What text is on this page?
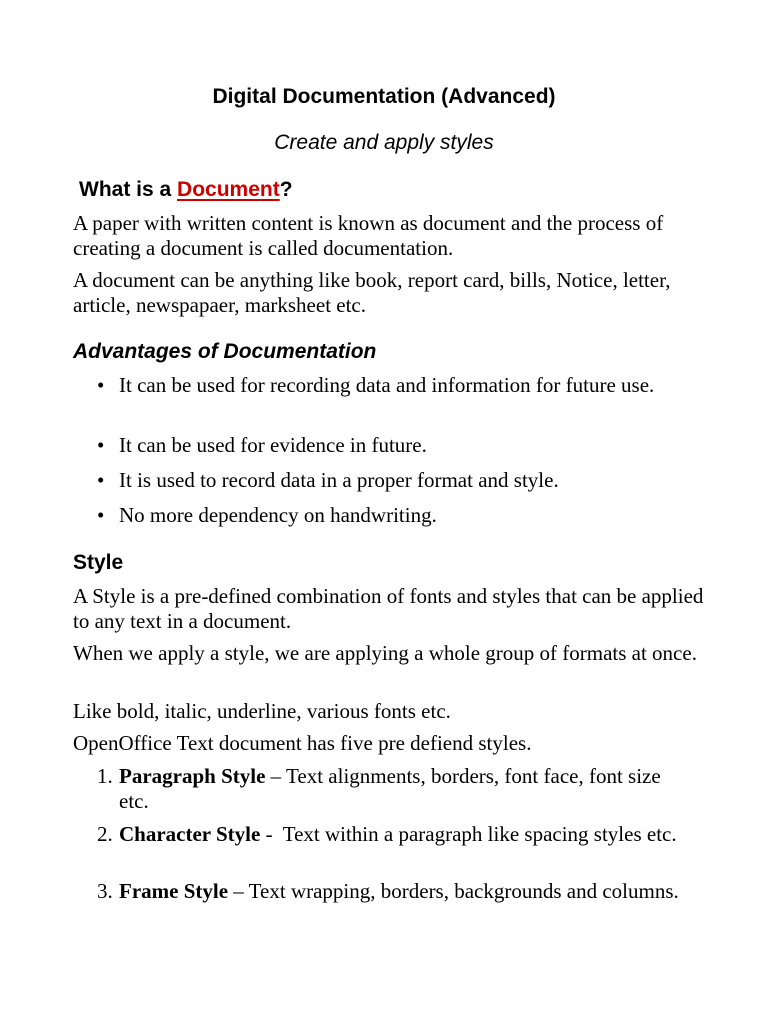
Digital Documentation (Advanced)
Create and apply styles
What is a Document?

A paper with written content is known as document and the process of creating a document is called documentation.

A document can be anything like book, report card, bills, Notice, letter, article, newspapaer, marksheet etc.

Advantages of Documentation
• It can be used for recording data and information for future use.
• It can be used for evidence in future.
• It is used to record data in a proper format and style.
• No more dependency on handwriting.
Style

A Style is a pre-defined combination of fonts and styles that can be applied to any text in a document.

When we apply a style, we are applying a whole group of formats at once.

Like bold, italic, underline, various fonts etc.

OpenOffice Text document has five pre defiend styles.

1. Paragraph Style – Text alignments, borders, font face, font size etc.
2. Character Style -  Text within a paragraph like spacing styles etc.
3. Frame Style – Text wrapping, borders, backgrounds and columns.
